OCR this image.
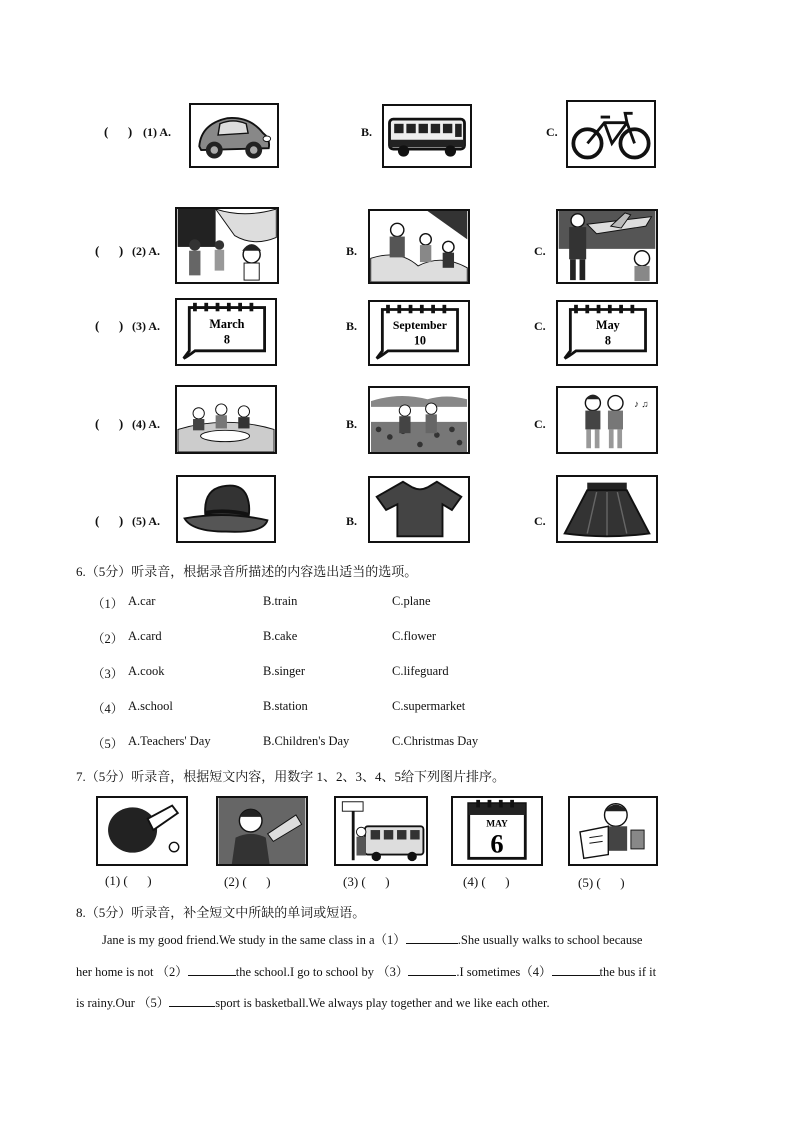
(      ) (1) A.	B.	C.
(      ) (2) A.	B.	C.
(      ) (3) A.	March
8
B.	September
10
C.	May
8
(      ) (4) A.	B.	C.
♪ ♫
(      ) (5) A.	B.	C.
6.（5分）听录音，根据录音所描述的内容选出适当的选项。
（1） A.car	B.train	C.plane
（2） A.card	B.cake	C.flower
（3） A.cook	B.singer	C.lifeguard
（4） A.school	B.station	C.supermarket
（5） A.Teachers' Day	B.Children's Day	C.Christmas Day
7.（5分）听录音，根据短文内容，用数字 1、2、3、4、5给下列图片排序。
MAY
6
(1) (      )	(2) (      )	(3) (      )	(4) (      )	(5) (      )
8.（5分）听录音，补全短文中所缺的单词或短语。
Jane is my good friend.We study in the same class in a（1）	.She usually walks to school because
her home is not （2）	the school.I go to school by （3）	.I sometimes（4）	the bus if it
is rainy.Our （5）	sport is basketball.We always play together and we like each other.
